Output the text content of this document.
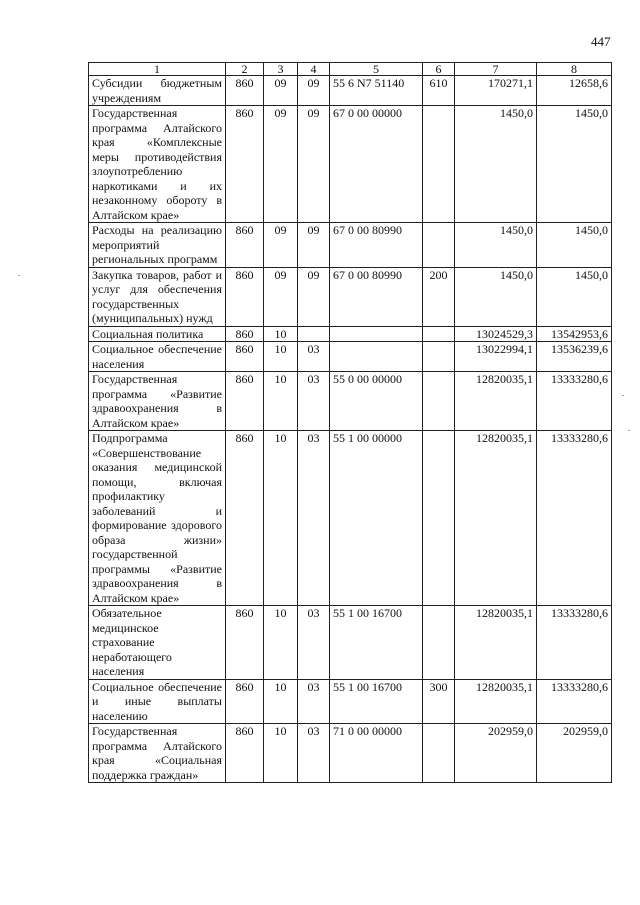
447
1	2	3	4	5	6	7	8
Субсидии бюджетным учреждениям	860	09	09	55 6 N7 51140	610	170271,1	12658,6
Государственная программа Алтайского края «Комплексные меры противодействия злоупотреблению наркотиками и их незаконному обороту в Алтайском крае»	860	09	09	67 0 00 00000		1450,0	1450,0
Расходы на реализацию мероприятий региональных программ	860	09	09	67 0 00 80990		1450,0	1450,0
Закупка товаров, работ и услуг для обеспечения государственных (муниципальных) нужд	860	09	09	67 0 00 80990	200	1450,0	1450,0
Социальная политика	860	10				13024529,3	13542953,6
Социальное обеспечение населения	860	10	03			13022994,1	13536239,6
Государственная программа «Развитие здравоохранения в Алтайском крае»	860	10	03	55 0 00 00000		12820035,1	13333280,6
Подпрограмма «Совершенствование оказания медицинской помощи, включая профилактику заболеваний и формирование здорового образа жизни» государственной программы «Развитие здравоохранения в Алтайском крае»	860	10	03	55 1 00 00000		12820035,1	13333280,6
Обязательное медицинское страхование неработающего населения	860	10	03	55 1 00 16700		12820035,1	13333280,6
Социальное обеспечение и иные выплаты населению	860	10	03	55 1 00 16700	300	12820035,1	13333280,6
Государственная программа Алтайского края «Социальная поддержка граждан»	860	10	03	71 0 00 00000		202959,0	202959,0
